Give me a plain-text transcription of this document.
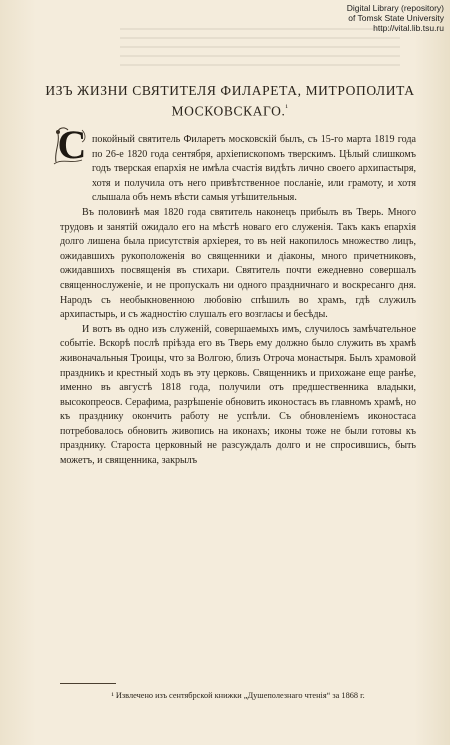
Digital Library (repository)
of Tomsk State University
http://vital.lib.tsu.ru
ИЗЪ ЖИЗНИ СВЯТИТЕЛЯ ФИЛАРЕТА, МИТРОПОЛИТА
МОСКОВСКАГО.$^{^1}$
С покойный святитель Филаретъ московскій былъ, съ 15-го марта 1819 года по 26-е 1820 года сентября, архіепископомъ тверскимъ. Цѣлый слишкомъ годъ тверская епархія не имѣла счастія видѣть лично своего архипастыря, хотя и получила отъ него привѣтственное посланіе, или грамоту, и хотя слышала объ немъ вѣсти самыя утѣшительныя.

Въ половинѣ мая 1820 года святитель наконецъ прибылъ въ Тверь. Много трудовъ и занятій ожидало его на мѣстѣ новаго его служенія. Такъ какъ епархія долго лишена была присутствія архіерея, то въ ней накопилось множество лицъ, ожидавшихъ рукоположенія во священники и діаконы, много причетниковъ, ожидавшихъ посвященія въ стихари. Святитель почти ежедневно совершалъ священнослуженіе, и не пропускалъ ни одного праздничнаго и воскресанго дня. Народъ съ необыкновенною любовію спѣшилъ во храмъ, гдѣ служилъ архипастырь, и съ жадностію слушалъ его возгласы и бесѣды.

И вотъ въ одно изъ служеній, совершаемыхъ имъ, случилось замѣчательное событіе. Вскорѣ послѣ пріѣзда его въ Тверь ему должно было служить въ храмѣ живоначальныя Троицы, что за Волгою, близъ Отроча монастыря. Былъ храмовой праздникъ и крестный ходъ въ эту церковь. Священникъ и прихожане еще ранѣе, именно въ августѣ 1818 года, получили отъ предшественника владыки, высокопреосв. Серафима, разрѣшеніе обновить иконостасъ въ главномъ храмѣ, но къ празднику окончить работу не успѣли. Съ обновленіемъ иконостаса потребовалось обновить живопись на иконахъ; иконы тоже не были готовы къ празднику. Староста церковный не разсуждалъ долго и не спросившись, быть можетъ, и священника, закрылъ

¹ Извлечено изъ сентябрской книжки „Душеполезнаго чтенія“ за 1868 г.
